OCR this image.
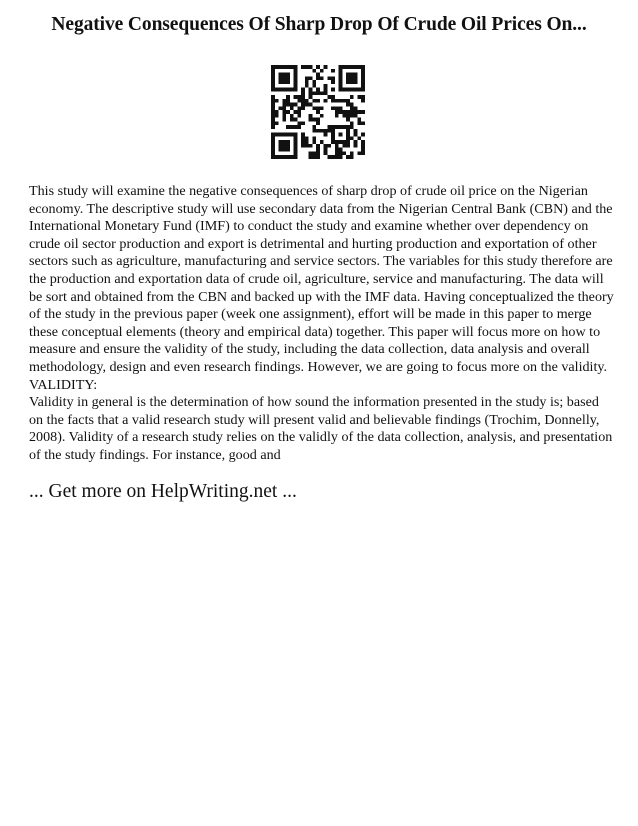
Negative Consequences Of Sharp Drop Of Crude Oil Prices On...

This study will examine the negative consequences of sharp drop of crude oil price on the Nigerian economy. The descriptive study will use secondary data from the Nigerian Central Bank (CBN) and the International Monetary Fund (IMF) to conduct the study and examine whether over dependency on crude oil sector production and export is detrimental and hurting production and exportation of other sectors such as agriculture, manufacturing and service sectors. The variables for this study therefore are the production and exportation data of crude oil, agriculture, service and manufacturing. The data will be sort and obtained from the CBN and backed up with the IMF data. Having conceptualized the theory of the study in the previous paper (week one assignment), effort will be made in this paper to merge these conceptual elements (theory and empirical data) together. This paper will focus more on how to measure and ensure the validity of the study, including the data collection, data analysis and overall methodology, design and even research findings. However, we are going to focus more on the validity.

VALIDITY:

Validity in general is the determination of how sound the information presented in the study is; based on the facts that a valid research study will present valid and believable findings (Trochim, Donnelly, 2008). Validity of a research study relies on the validly of the data collection, analysis, and presentation of the study findings. For instance, good and

... Get more on HelpWriting.net ...
